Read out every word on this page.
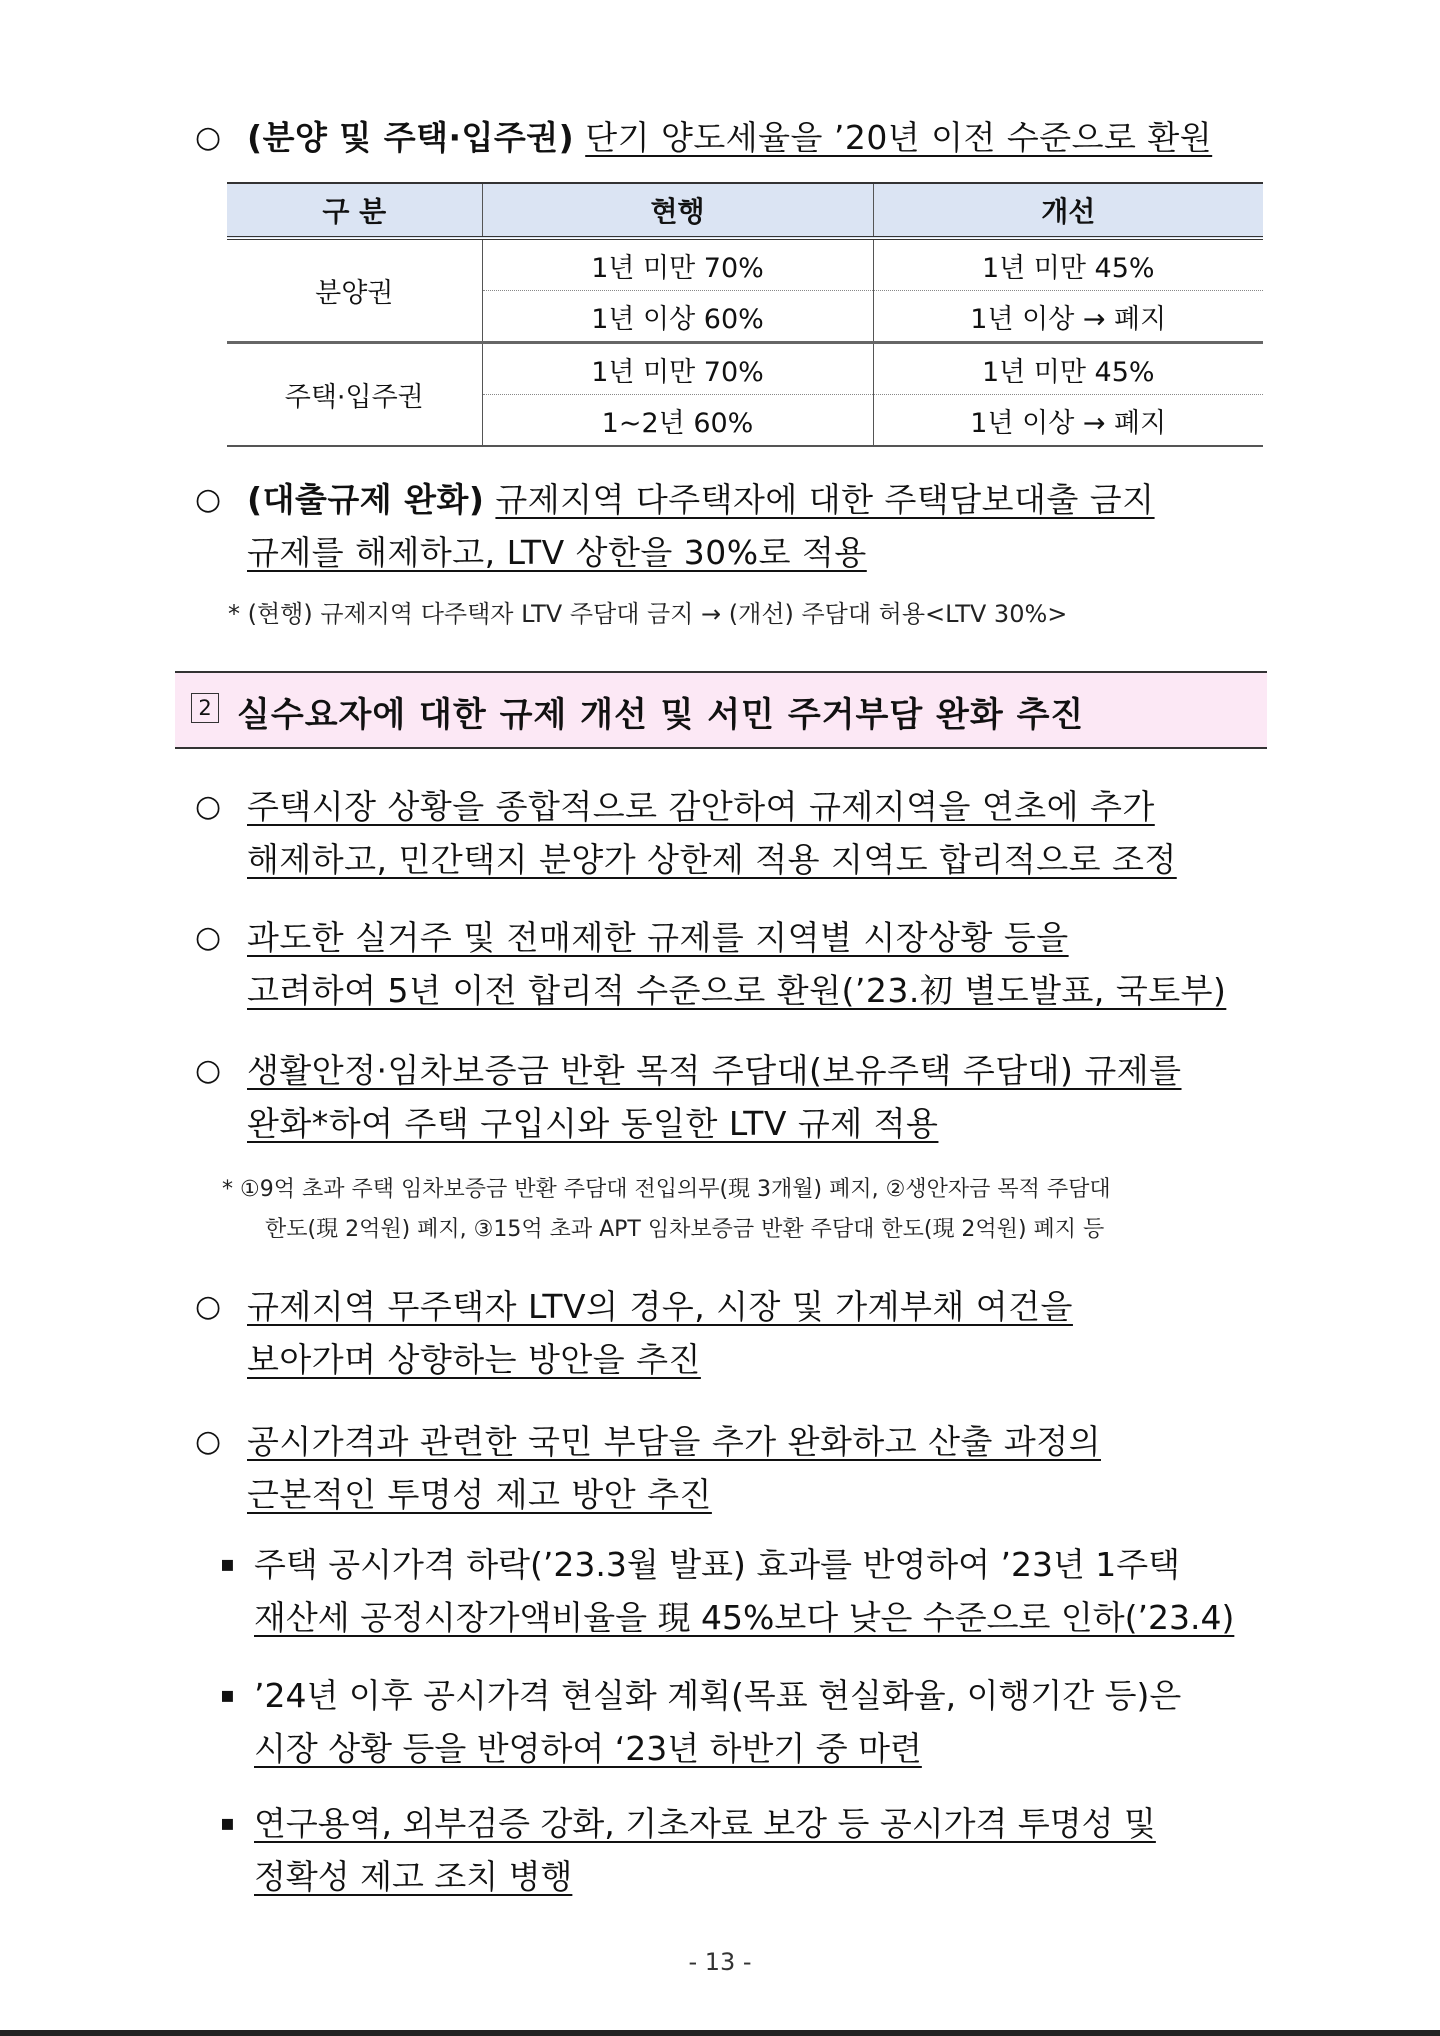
○ (분양 및 주택·입주권) 단기 양도세율을 ’20년 이전 수준으로 환원
구 분	현행	개선
분양권	1년 미만 70%	1년 미만 45%
	1년 이상 60%	1년 이상 → 폐지
주택·입주권	1년 미만 70%	1년 미만 45%
	1~2년 60%	1년 이상 → 폐지
○ (대출규제 완화) 규제지역 다주택자에 대한 주택담보대출 금지
규제를 해제하고, LTV 상한을 30%로 적용
* (현행) 규제지역 다주택자 LTV 주담대 금지 → (개선) 주담대 허용<LTV 30%>
2 실수요자에 대한 규제 개선 및 서민 주거부담 완화 추진
○ 주택시장 상황을 종합적으로 감안하여 규제지역을 연초에 추가
해제하고, 민간택지 분양가 상한제 적용 지역도 합리적으로 조정
○ 과도한 실거주 및 전매제한 규제를 지역별 시장상황 등을
고려하여 5년 이전 합리적 수준으로 환원(’23.初 별도발표, 국토부)
○ 생활안정·임차보증금 반환 목적 주담대(보유주택 주담대) 규제를
완화*하여 주택 구입시와 동일한 LTV 규제 적용
* ①9억 초과 주택 임차보증금 반환 주담대 전입의무(現 3개월) 폐지, ②생안자금 목적 주담대
한도(現 2억원) 폐지, ③15억 초과 APT 임차보증금 반환 주담대 한도(現 2억원) 폐지 등
○ 규제지역 무주택자 LTV의 경우, 시장 및 가계부채 여건을
보아가며 상향하는 방안을 추진
○ 공시가격과 관련한 국민 부담을 추가 완화하고 산출 과정의
근본적인 투명성 제고 방안 추진
▪ 주택 공시가격 하락(’23.3월 발표) 효과를 반영하여 ’23년 1주택
재산세 공정시장가액비율을 現 45%보다 낮은 수준으로 인하(’23.4)
▪ ’24년 이후 공시가격 현실화 계획(목표 현실화율, 이행기간 등)은
시장 상황 등을 반영하여 ‘23년 하반기 중 마련
▪ 연구용역, 외부검증 강화, 기초자료 보강 등 공시가격 투명성 및
정확성 제고 조치 병행
- 13 -
